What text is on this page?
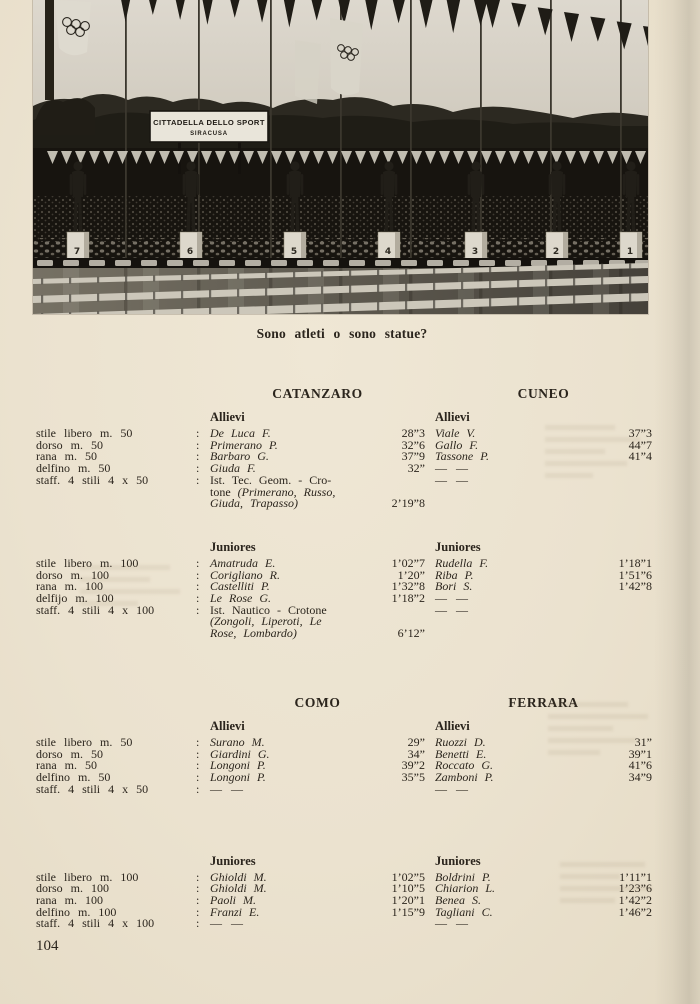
CITTADELLA DELLO SPORT
SIRACUSA
7	6	5	4	3	2	1
Sono atleti o sono statue?
CATANZARO	CUNEO
Allievi	Allievi
stile libero m. 50	: De Luca F.	28”3 Viale V.	37”3
dorso m. 50	: Primerano P.	32”6 Gallo F.	44”7
rana m. 50	: Barbaro G.	37”9 Tassone P.	41”4
delfino m. 50	: Giuda F.	32” — —
staff. 4 stili 4 x 50	: Ist. Tec. Geom. - Cro-
tone (Primerano, Russo,
Giuda, Trapasso)	2’19”8
— —
Juniores	Juniores
stile libero m. 100	: Amatruda E.	1’02”7 Rudella F.	1’18”1
dorso m. 100	: Corigliano R.	1’20” Riba P.	1’51”6
rana m. 100	: Castelliti P.	1’32”8 Bori S.	1’42”8
delfijo m. 100	: Le Rose G.	1’18”2 — —
staff. 4 stili 4 x 100	: Ist. Nautico - Crotone
(Zongoli, Liperoti, Le
Rose, Lombardo)	6’12”
— —
COMO	FERRARA
Allievi	Allievi
stile libero m. 50	: Surano M.	29” Ruozzi D.	31”
dorso m. 50	: Giardini G.	34” Benetti E.	39”1
rana m. 50	: Longoni P.	39”2 Roccato G.	41”6
delfino m. 50	: Longoni P.	35”5 Zamboni P.	34”9
staff. 4 stili 4 x 50	: — —	— —
Juniores	Juniores
stile libero m. 100	: Ghioldi M.	1’02”5 Boldrini P.	1’11”1
dorso m. 100	: Ghioldi M.	1’10”5 Chiarion L.	1’23”6
rana m. 100	: Paoli M.	1’20”1 Benea S.	1’42”2
delfino m. 100	: Franzi E.	1’15”9 Tagliani C.	1’46”2
staff. 4 stili 4 x 100	: — —	— —
104
